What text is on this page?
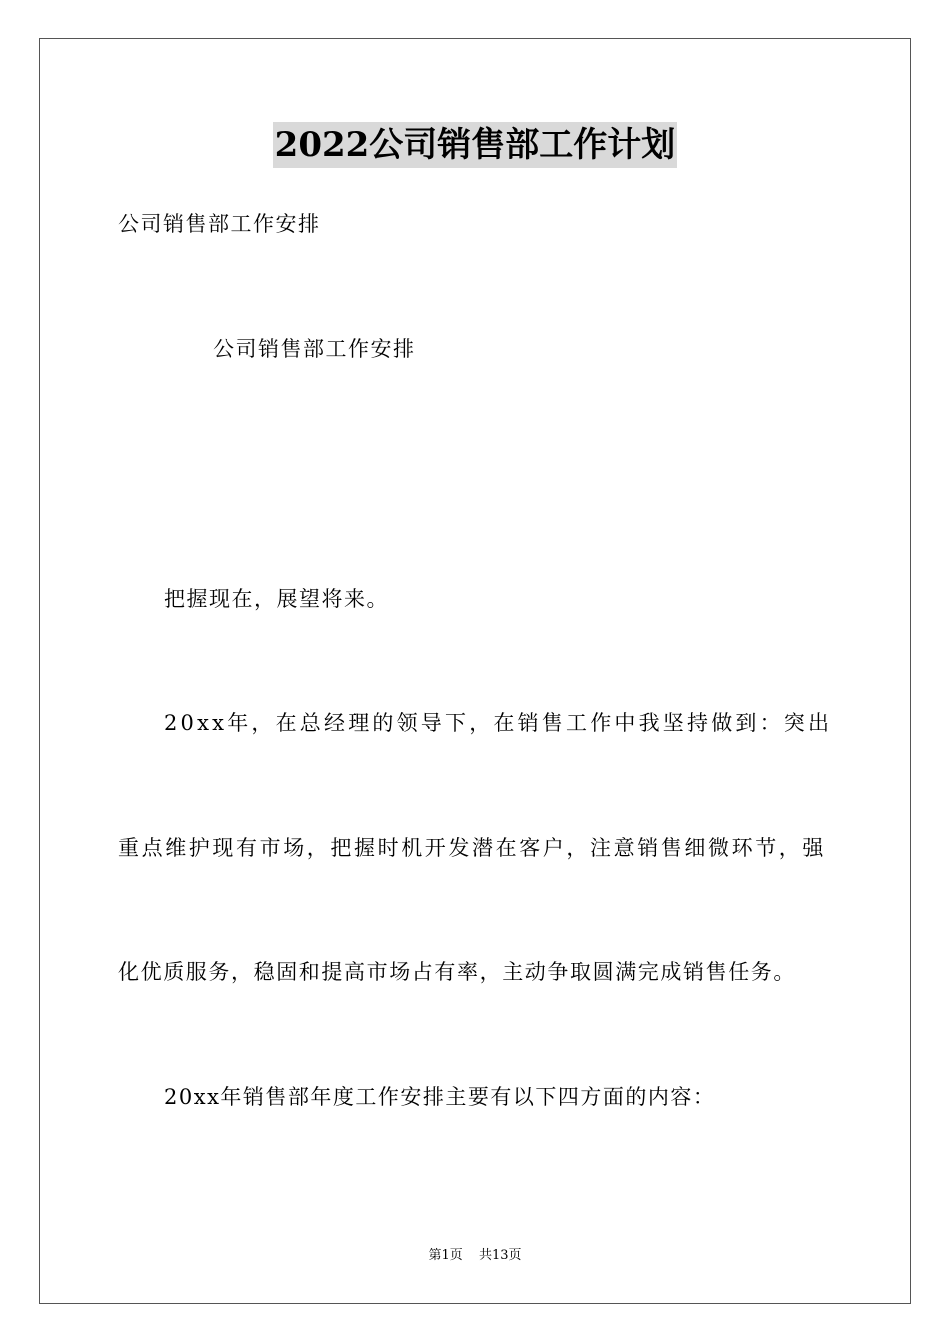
2022公司销售部工作计划
公司销售部工作安排
公司销售部工作安排
把握现在，展望将来。
20xx年，在总经理的领导下，在销售工作中我坚持做到：突出
重点维护现有市场，把握时机开发潜在客户，注意销售细微环节，强
化优质服务，稳固和提高市场占有率，主动争取圆满完成销售任务。
20xx年销售部年度工作安排主要有以下四方面的内容：
第1页 共13页
